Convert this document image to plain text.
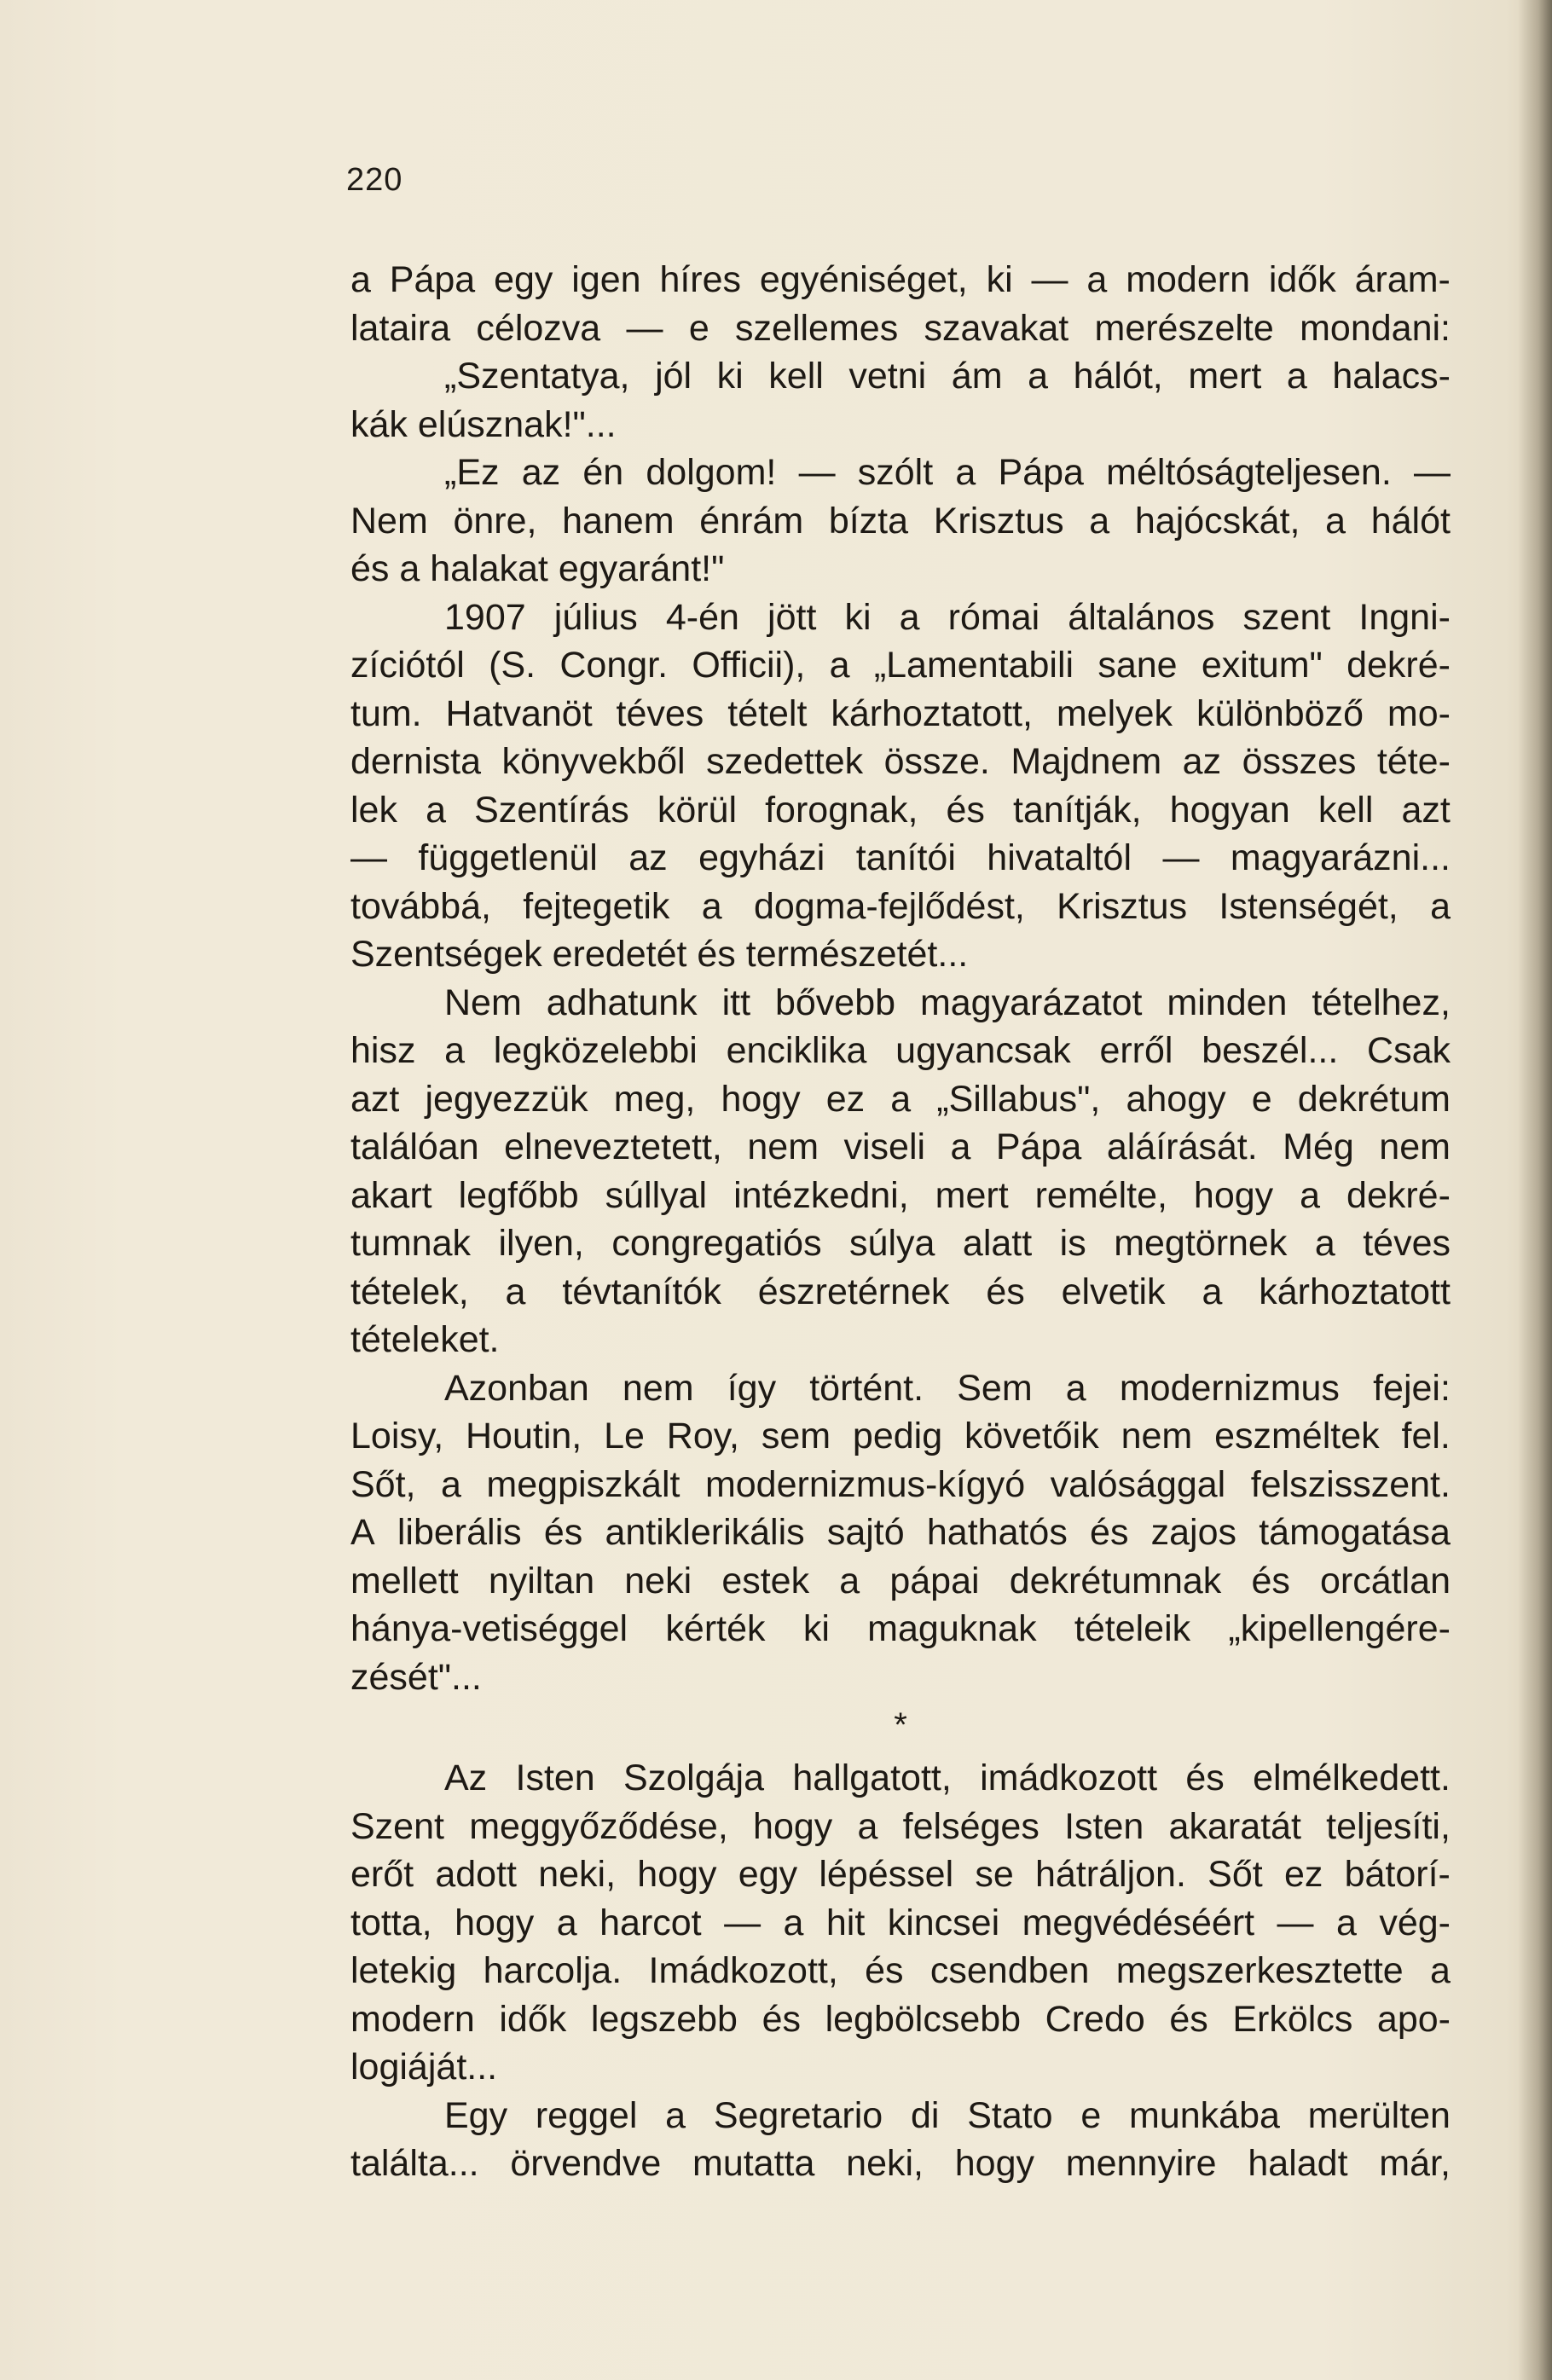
220
a Pápa egy igen híres egyéniséget, ki — a modern idők áram-
lataira célozva — e szellemes szavakat merészelte mondani:
„Szentatya, jól ki kell vetni ám a hálót, mert a halacs-
kák elúsznak!"...
„Ez az én dolgom! — szólt a Pápa méltóságteljesen. —
Nem önre, hanem énrám bízta Krisztus a hajócskát, a hálót
és a halakat egyaránt!"
1907 július 4-én jött ki a római általános szent Ingni-
zíciótól (S. Congr. Officii), a „Lamentabili sane exitum" dekré-
tum. Hatvanöt téves tételt kárhoztatott, melyek különböző mo-
dernista könyvekből szedettek össze. Majdnem az összes téte-
lek a Szentírás körül forognak, és tanítják, hogyan kell azt
— függetlenül az egyházi tanítói hivataltól — magyarázni...
továbbá, fejtegetik a dogma-fejlődést, Krisztus Istenségét, a
Szentségek eredetét és természetét...
Nem adhatunk itt bővebb magyarázatot minden tételhez,
hisz a legközelebbi enciklika ugyancsak erről beszél... Csak
azt jegyezzük meg, hogy ez a „Sillabus", ahogy e dekrétum
találóan elneveztetett, nem viseli a Pápa aláírását. Még nem
akart legfőbb súllyal intézkedni, mert remélte, hogy a dekré-
tumnak ilyen, congregatiós súlya alatt is megtörnek a téves
tételek, a tévtanítók észretérnek és elvetik a kárhoztatott
tételeket.
Azonban nem így történt. Sem a modernizmus fejei:
Loisy, Houtin, Le Roy, sem pedig követőik nem eszméltek fel.
Sőt, a megpiszkált modernizmus-kígyó valósággal felszisszent.
A liberális és antiklerikális sajtó hathatós és zajos támogatása
mellett nyiltan neki estek a pápai dekrétumnak és orcátlan
hánya-vetiséggel kérték ki maguknak tételeik „kipellengére-
zését"...
*
Az Isten Szolgája hallgatott, imádkozott és elmélkedett.
Szent meggyőződése, hogy a felséges Isten akaratát teljesíti,
erőt adott neki, hogy egy lépéssel se hátráljon. Sőt ez bátorí-
totta, hogy a harcot — a hit kincsei megvédéséért — a vég-
letekig harcolja. Imádkozott, és csendben megszerkesztette a
modern idők legszebb és legbölcsebb Credo és Erkölcs apo-
logiáját...
Egy reggel a Segretario di Stato e munkába merülten
találta... örvendve mutatta neki, hogy mennyire haladt már,
